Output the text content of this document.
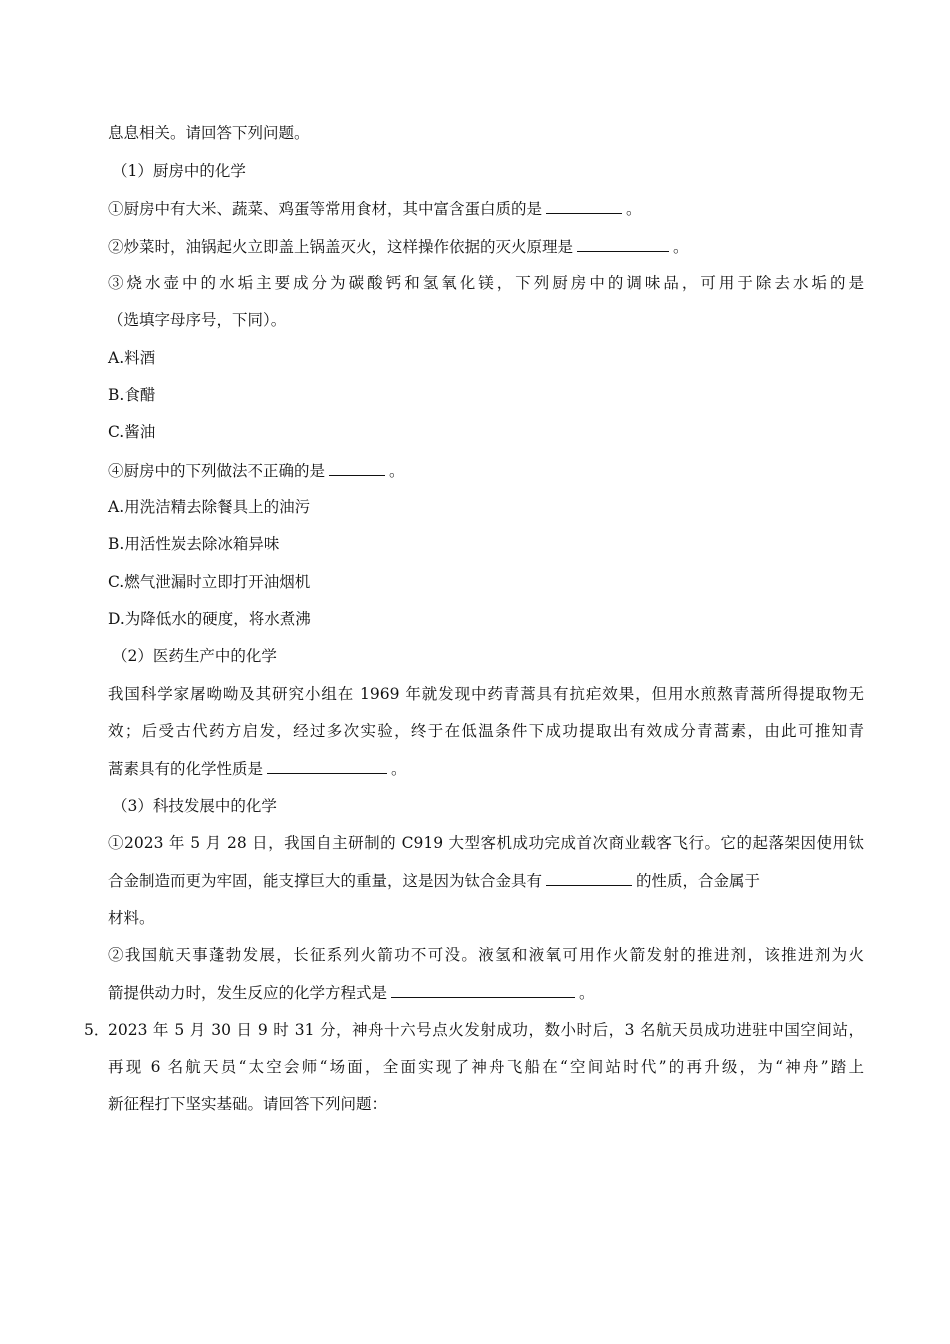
息息相关。请回答下列问题。
（1）厨房中的化学
①厨房中有大米、蔬菜、鸡蛋等常用食材，其中富含蛋白质的是	。
②炒菜时，油锅起火立即盖上锅盖灭火，这样操作依据的灭火原理是	。
③烧水壶中的水垢主要成分为碳酸钙和氢氧化镁，下列厨房中的调味品，可用于除去水垢的是
（选填字母序号，下同）。
A.料酒
B.食醋
C.酱油
④厨房中的下列做法不正确的是	。
A.用洗洁精去除餐具上的油污
B.用活性炭去除冰箱异味
C.燃气泄漏时立即打开油烟机
D.为降低水的硬度，将水煮沸
（2）医药生产中的化学
我国科学家屠呦呦及其研究小组在 1969 年就发现中药青蒿具有抗疟效果，但用水煎熬青蒿所得提取物无
效；后受古代药方启发，经过多次实验，终于在低温条件下成功提取出有效成分青蒿素，由此可推知青
蒿素具有的化学性质是	。
（3）科技发展中的化学
①2023 年 5 月 28 日，我国自主研制的 C919 大型客机成功完成首次商业载客飞行。它的起落架因使用钛
合金制造而更为牢固，能支撑巨大的重量，这是因为钛合金具有	的性质，合金属于
材料。
②我国航天事蓬勃发展，长征系列火箭功不可没。液氢和液氧可用作火箭发射的推进剂，该推进剂为火
箭提供动力时，发生反应的化学方程式是	。
5．
2023 年 5 月 30 日 9 时 31 分，神舟十六号点火发射成功，数小时后，3 名航天员成功进驻中国空间站，
再现 6 名航天员“太空会师“场面，全面实现了神舟飞船在“空间站时代”的再升级，为“神舟”踏上
新征程打下坚实基础。请回答下列问题：
